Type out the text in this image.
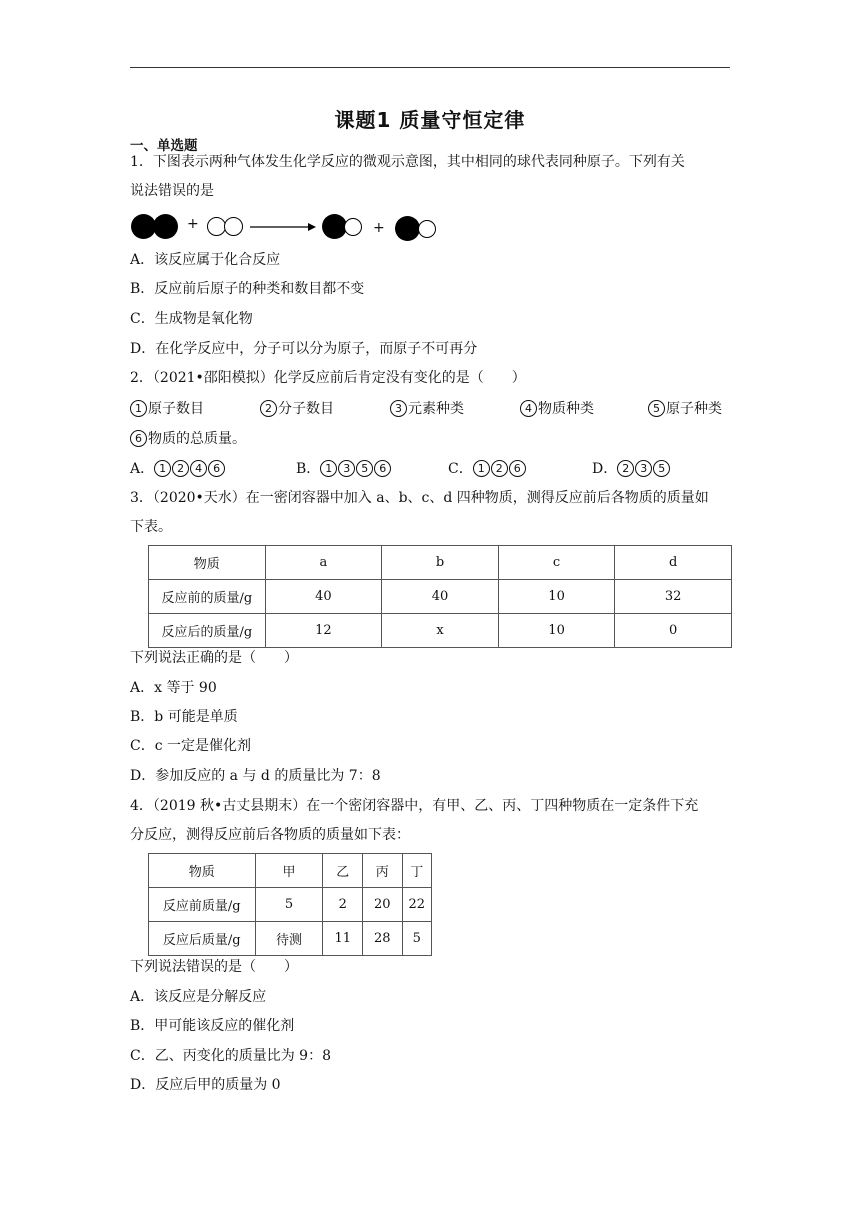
课题1 质量守恒定律
一、单选题
1．下图表示两种气体发生化学反应的微观示意图，其中相同的球代表同种原子。下列有关
说法错误的是
+	+
A．该反应属于化合反应
B．反应前后原子的种类和数目都不变
C．生成物是氧化物
D．在化学反应中，分子可以分为原子，而原子不可再分
2．（2021•邵阳模拟）化学反应前后肯定没有变化的是（　　）
1 原子数目	2 分子数目	3 元素种类	4 物质种类	5 原子种类
6 物质的总质量。
A． 1 2 4 6	B． 1 3 5 6	C． 1 2 6	D． 2 3 5
3．（2020•天水）在一密闭容器中加入 a、b、c、d 四种物质，测得反应前后各物质的质量如
下表。
物质	a	b	c	d
反应前的质量/g	40	40	10	32
反应后的质量/g	12	x	10	0
下列说法正确的是（　　）
A．x 等于 90
B．b 可能是单质
C．c 一定是催化剂
D．参加反应的 a 与 d 的质量比为 7：8
4．（2019 秋•古丈县期末）在一个密闭容器中，有甲、乙、丙、丁四种物质在一定条件下充
分反应，测得反应前后各物质的质量如下表：
物质	甲	乙	丙	丁
反应前质量/g	5	2	20	22
反应后质量/g	待测	11	28	5
下列说法错误的是（　　）
A．该反应是分解反应
B．甲可能该反应的催化剂
C．乙、丙变化的质量比为 9：8
D．反应后甲的质量为 0
